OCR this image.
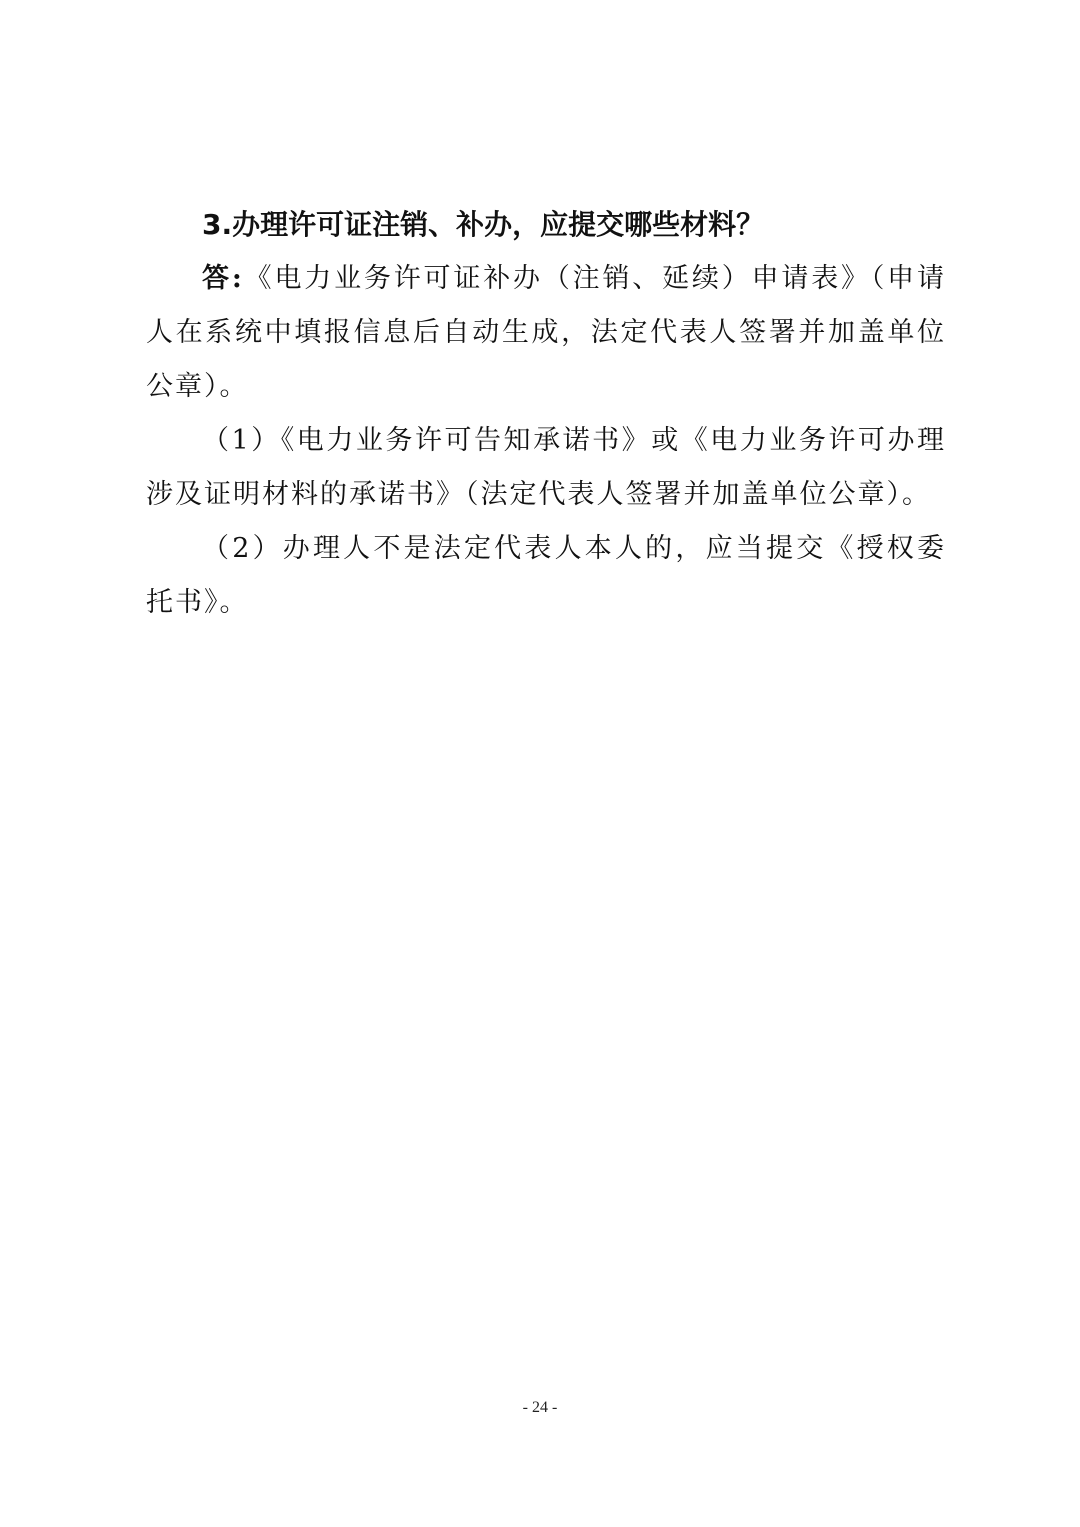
3.办理许可证注销、补办，应提交哪些材料？

答:《电力业务许可证补办（注销、延续）申请表》（申请人在系统中填报信息后自动生成，法定代表人签署并加盖单位公章）。

（1）《电力业务许可告知承诺书》或《电力业务许可办理涉及证明材料的承诺书》（法定代表人签署并加盖单位公章）。

（2）办理人不是法定代表人本人的，应当提交《授权委托书》。

- 24 -
